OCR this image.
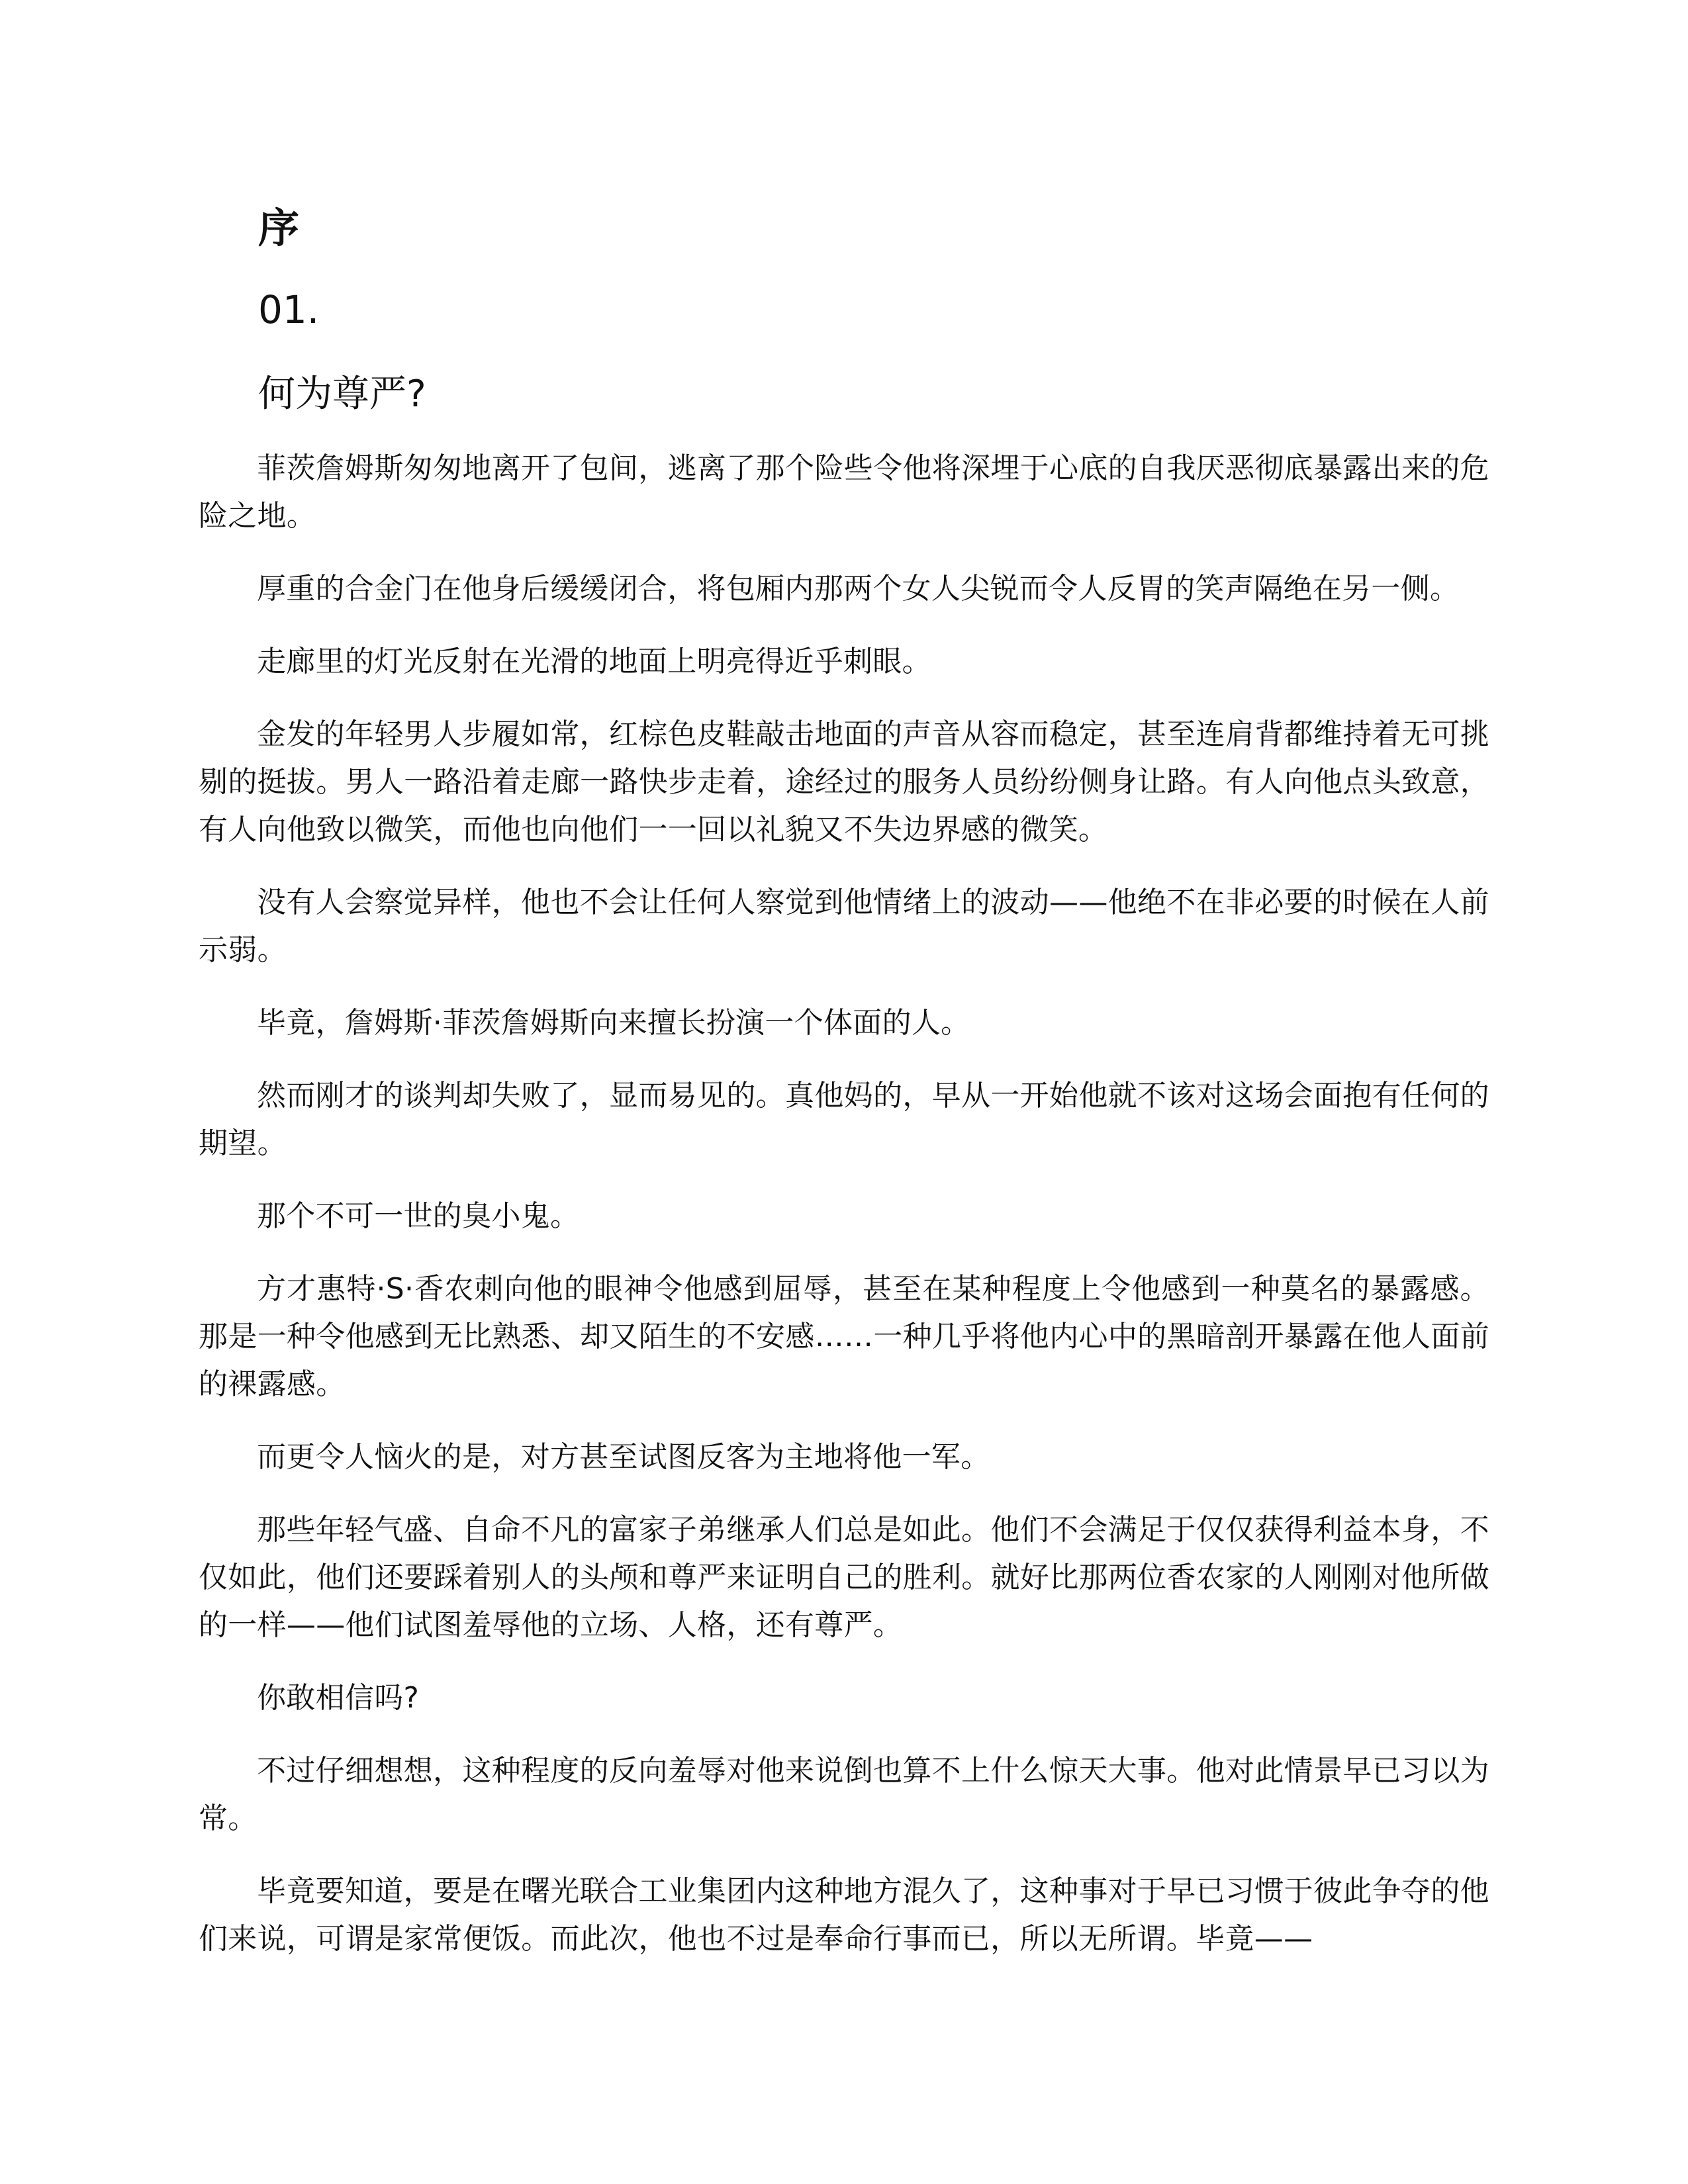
序
01.
何为尊严?

菲茨詹姆斯匆匆地离开了包间，逃离了那个险些令他将深埋于心底的自我厌恶彻底暴露出来的危险之地。

厚重的合金门在他身后缓缓闭合，将包厢内那两个女人尖锐而令人反胃的笑声隔绝在另一侧。

走廊里的灯光反射在光滑的地面上明亮得近乎刺眼。

金发的年轻男人步履如常，红棕色皮鞋敲击地面的声音从容而稳定，甚至连肩背都维持着无可挑剔的挺拔。男人一路沿着走廊一路快步走着，途经过的服务人员纷纷侧身让路。有人向他点头致意，有人向他致以微笑，而他也向他们一一回以礼貌又不失边界感的微笑。

没有人会察觉异样，他也不会让任何人察觉到他情绪上的波动——他绝不在非必要的时候在人前示弱。

毕竟，詹姆斯·菲茨詹姆斯向来擅长扮演一个体面的人。

然而刚才的谈判却失败了，显而易见的。真他妈的，早从一开始他就不该对这场会面抱有任何的期望。

那个不可一世的臭小鬼。

方才惠特·S·香农刺向他的眼神令他感到屈辱，甚至在某种程度上令他感到一种莫名的暴露感。那是一种令他感到无比熟悉、却又陌生的不安感……一种几乎将他内心中的黑暗剖开暴露在他人面前的裸露感。

而更令人恼火的是，对方甚至试图反客为主地将他一军。

那些年轻气盛、自命不凡的富家子弟继承人们总是如此。他们不会满足于仅仅获得利益本身，不仅如此，他们还要踩着别人的头颅和尊严来证明自己的胜利。就好比那两位香农家的人刚刚对他所做的一样——他们试图羞辱他的立场、人格，还有尊严。

你敢相信吗?

不过仔细想想，这种程度的反向羞辱对他来说倒也算不上什么惊天大事。他对此情景早已习以为常。

毕竟要知道，要是在曙光联合工业集团内这种地方混久了，这种事对于早已习惯于彼此争夺的他们来说，可谓是家常便饭。而此次，他也不过是奉命行事而已，所以无所谓。毕竟——
